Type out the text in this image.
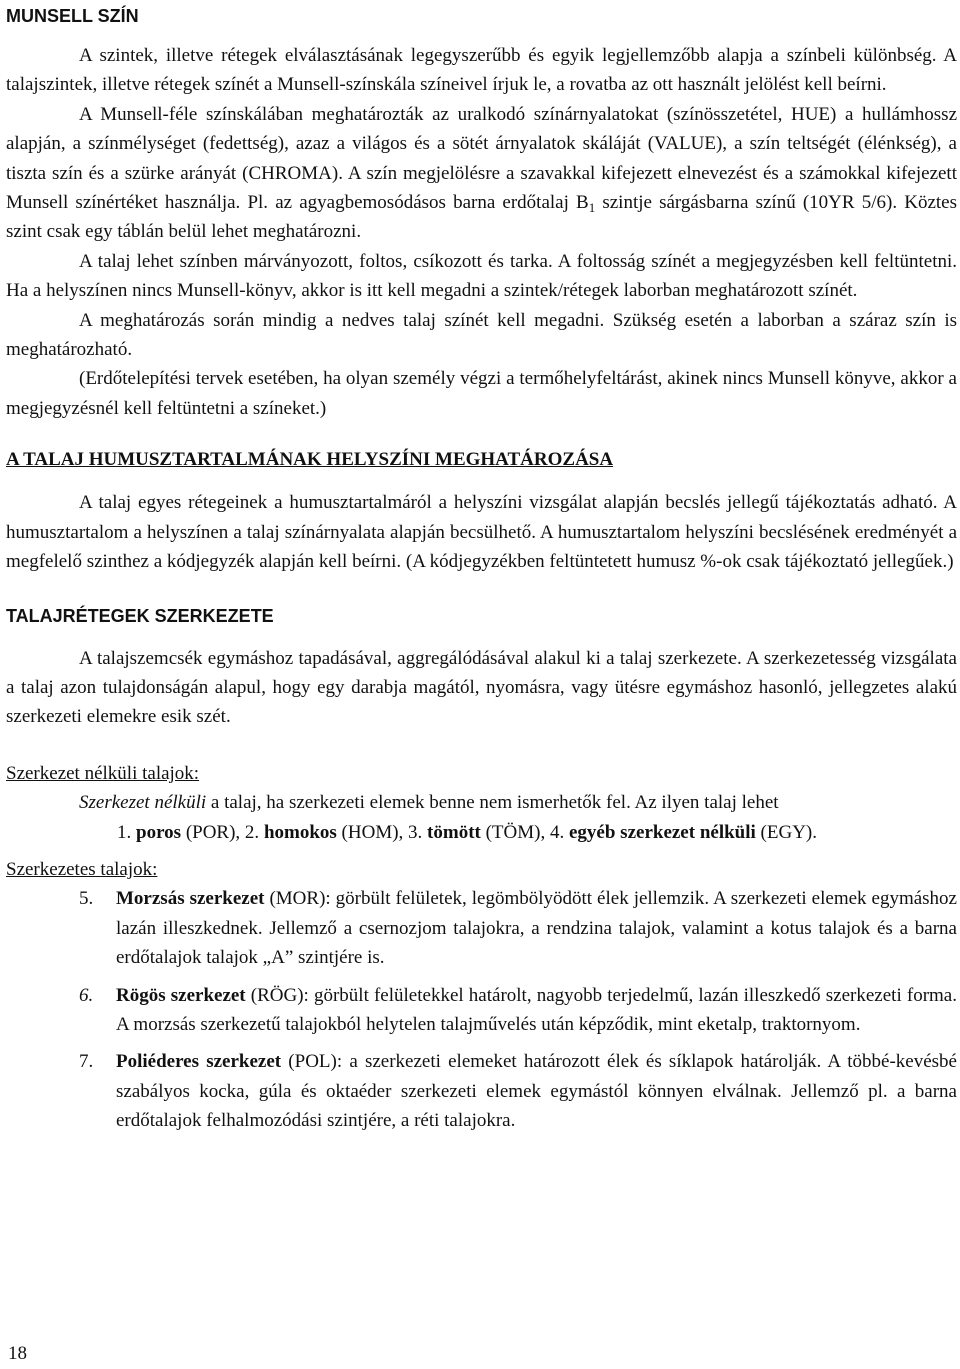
MUNSELL SZÍN

A szintek, illetve rétegek elválasztásának legegyszerűbb és egyik legjellemzőbb alapja a színbeli különbség. A talajszintek, illetve rétegek színét a Munsell-színskála színeivel írjuk le, a rovatba az ott használt jelölést kell beírni.

A Munsell-féle színskálában meghatározták az uralkodó színárnyalatokat (színösszetétel, HUE) a hullámhossz alapján, a színmélységet (fedettség), azaz a világos és a sötét árnyalatok skáláját (VALUE), a szín teltségét (élénkség), a tiszta szín és a szürke arányát (CHROMA). A szín megjelölésre a szavakkal kifejezett elnevezést és a számokkal kifejezett Munsell színértéket használja. Pl. az agyagbemosódásos barna erdőtalaj $B_1$ szintje sárgásbarna színű (10YR 5/6). Köztes szint csak egy táblán belül lehet meghatározni.

A talaj lehet színben márványozott, foltos, csíkozott és tarka. A foltosság színét a megjegyzésben kell feltüntetni. Ha a helyszínen nincs Munsell-könyv, akkor is itt kell megadni a szintek/rétegek laborban meghatározott színét.

A meghatározás során mindig a nedves talaj színét kell megadni. Szükség esetén a laborban a száraz szín is meghatározható.

(Erdőtelepítési tervek esetében, ha olyan személy végzi a termőhelyfeltárást, akinek nincs Munsell könyve, akkor a megjegyzésnél kell feltüntetni a színeket.)

A TALAJ HUMUSZTARTALMÁNAK HELYSZÍNI MEGHATÁROZÁSA

A talaj egyes rétegeinek a humusztartalmáról a helyszíni vizsgálat alapján becslés jellegű tájékoztatás adható. A humusztartalom a helyszínen a talaj színárnyalata alapján becsülhető. A humusztartalom helyszíni becslésének eredményét a megfelelő szinthez a kódjegyzék alapján kell beírni. (A kódjegyzékben feltüntetett humusz %-ok csak tájékoztató jellegűek.)

TALAJRÉTEGEK SZERKEZETE

A talajszemcsék egymáshoz tapadásával, aggregálódásával alakul ki a talaj szerkezete. A szerkezetesség vizsgálata a talaj azon tulajdonságán alapul, hogy egy darabja magától, nyomásra, vagy ütésre egymáshoz hasonló, jellegzetes alakú szerkezeti elemekre esik szét.

Szerkezet nélküli talajok:
Szerkezet nélküli a talaj, ha szerkezeti elemek benne nem ismerhetők fel. Az ilyen talaj lehet
1. poros (POR), 2. homokos (HOM), 3. tömött (TÖM), 4. egyéb szerkezet nélküli (EGY).
Szerkezetes talajok:
5. Morzsás szerkezet (MOR): görbült felületek, legömbölyödött élek jellemzik. A szerkezeti elemek egymáshoz lazán illeszkednek. Jellemző a csernozjom talajokra, a rendzina talajok, valamint a kotus talajok és a barna erdőtalajok talajok „A” szintjére is.
6. Rögös szerkezet (RÖG): görbült felületekkel határolt, nagyobb terjedelmű, lazán illeszkedő szerkezeti forma. A morzsás szerkezetű talajokból helytelen talajművelés után képződik, mint eketalp, traktornyom.
7. Poliéderes szerkezet (POL): a szerkezeti elemeket határozott élek és síklapok határolják. A többé-kevésbé szabályos kocka, gúla és oktaéder szerkezeti elemek egymástól könnyen elválnak. Jellemző pl. a barna erdőtalajok felhalmozódási szintjére, a réti talajokra.
18
